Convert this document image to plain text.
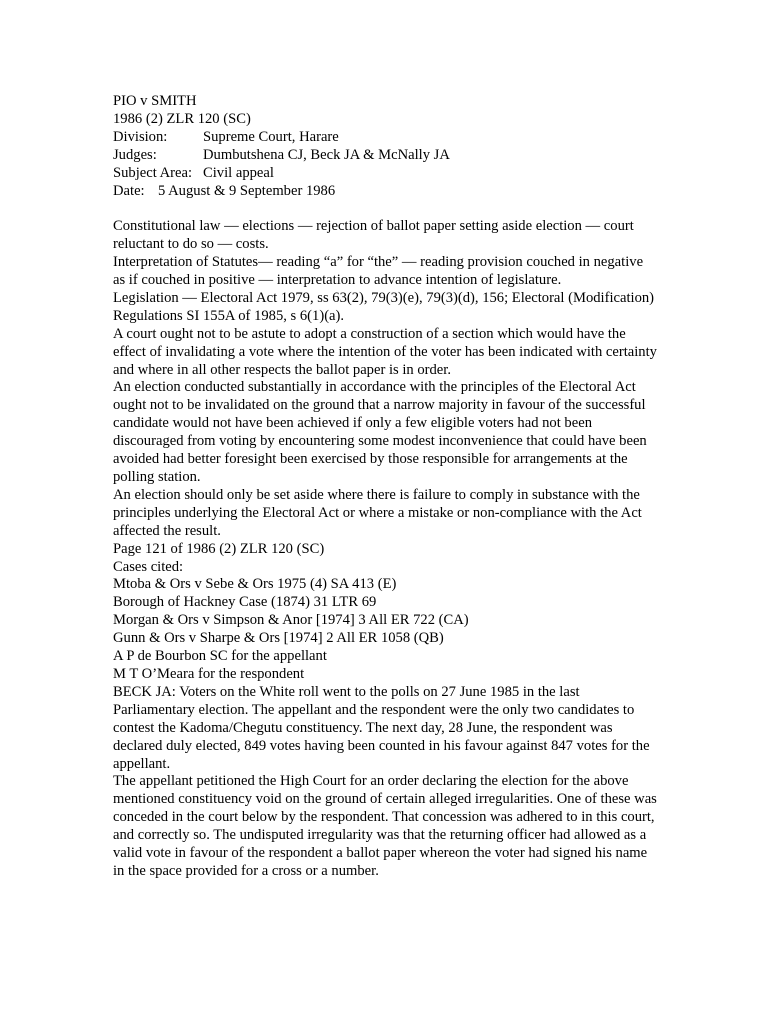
PIO v SMITH
1986 (2) ZLR 120 (SC)
Division:	Supreme Court, Harare
Judges:	Dumbutshena CJ, Beck JA & McNally JA
Subject Area: Civil appeal
Date: 5 August & 9 September 1986

Constitutional law — elections — rejection of ballot paper setting aside election — court reluctant to do so — costs.

Interpretation of Statutes— reading “a” for “the” — reading provision couched in negative as if couched in positive — interpretation to advance intention of legislature.

Legislation — Electoral Act 1979, ss 63(2), 79(3)(e), 79(3)(d), 156; Electoral (Modification) Regulations SI 155A of 1985, s 6(1)(a).

A court ought not to be astute to adopt a construction of a section which would have the effect of invalidating a vote where the intention of the voter has been indicated with certainty and where in all other respects the ballot paper is in order.

An election conducted substantially in accordance with the principles of the Electoral Act ought not to be invalidated on the ground that a narrow majority in favour of the successful candidate would not have been achieved if only a few eligible voters had not been discouraged from voting by encountering some modest inconvenience that could have been avoided had better foresight been exercised by those responsible for arrangements at the polling station.

An election should only be set aside where there is failure to comply in substance with the principles underlying the Electoral Act or where a mistake or non-compliance with the Act affected the result.

Page 121 of 1986 (2) ZLR 120 (SC)

Cases cited:

Mtoba & Ors v Sebe & Ors 1975 (4) SA 413 (E)

Borough of Hackney Case (1874) 31 LTR 69

Morgan & Ors v Simpson & Anor [1974] 3 All ER 722 (CA)

Gunn & Ors v Sharpe & Ors [1974] 2 All ER 1058 (QB)

A P de Bourbon SC for the appellant

M T O’Meara for the respondent

BECK JA: Voters on the White roll went to the polls on 27 June 1985 in the last Parliamentary election. The appellant and the respondent were the only two candidates to contest the Kadoma/Chegutu constituency. The next day, 28 June, the respondent was declared duly elected, 849 votes having been counted in his favour against 847 votes for the appellant.

The appellant petitioned the High Court for an order declaring the election for the above mentioned constituency void on the ground of certain alleged irregularities. One of these was conceded in the court below by the respondent. That concession was adhered to in this court, and correctly so. The undisputed irregularity was that the returning officer had allowed as a valid vote in favour of the respondent a ballot paper whereon the voter had signed his name in the space provided for a cross or a number.
